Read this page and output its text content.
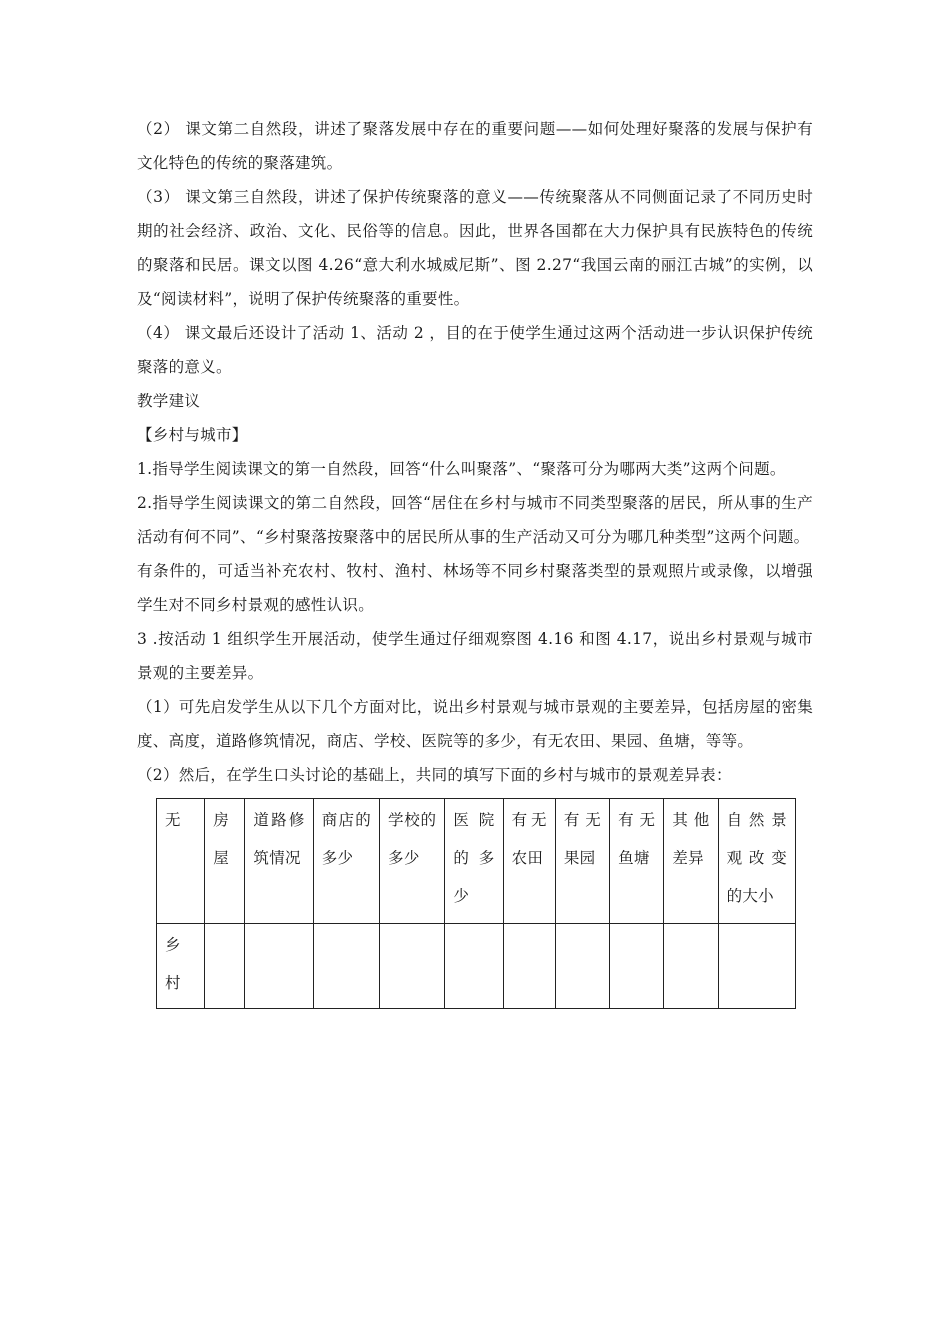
（2） 课文第二自然段，讲述了聚落发展中存在的重要问题——如何处理好聚落的发展与保护有文化特色的传统的聚落建筑。

（3） 课文第三自然段，讲述了保护传统聚落的意义——传统聚落从不同侧面记录了不同历史时期的社会经济、政治、文化、民俗等的信息。因此，世界各国都在大力保护具有民族特色的传统的聚落和民居。课文以图 4.26“意大利水城威尼斯”、图 2.27“我国云南的丽江古城”的实例，以及“阅读材料”，说明了保护传统聚落的重要性。

（4） 课文最后还设计了活动 1、活动 2 ，目的在于使学生通过这两个活动进一步认识保护传统聚落的意义。

教学建议

【乡村与城市】

1.指导学生阅读课文的第一自然段，回答“什么叫聚落”、“聚落可分为哪两大类”这两个问题。

2.指导学生阅读课文的第二自然段，回答“居住在乡村与城市不同类型聚落的居民，所从事的生产活动有何不同”、“乡村聚落按聚落中的居民所从事的生产活动又可分为哪几种类型”这两个问题。

有条件的，可适当补充农村、牧村、渔村、林场等不同乡村聚落类型的景观照片或录像，以增强学生对不同乡村景观的感性认识。

3 .按活动 1 组织学生开展活动，使学生通过仔细观察图 4.16 和图 4.17，说出乡村景观与城市景观的主要差异。

（1）可先启发学生从以下几个方面对比，说出乡村景观与城市景观的主要差异，包括房屋的密集度、高度，道路修筑情况，商店、学校、医院等的多少，有无农田、果园、鱼塘，等等。

（2）然后，在学生口头讨论的基础上，共同的填写下面的乡村与城市的景观差异表：

无	房屋	道路修筑情况	商店的多少	学校的多少	医院的多少	有无农田	有无果园	有无鱼塘	其他差异	自然景观改变的大小
乡村										
